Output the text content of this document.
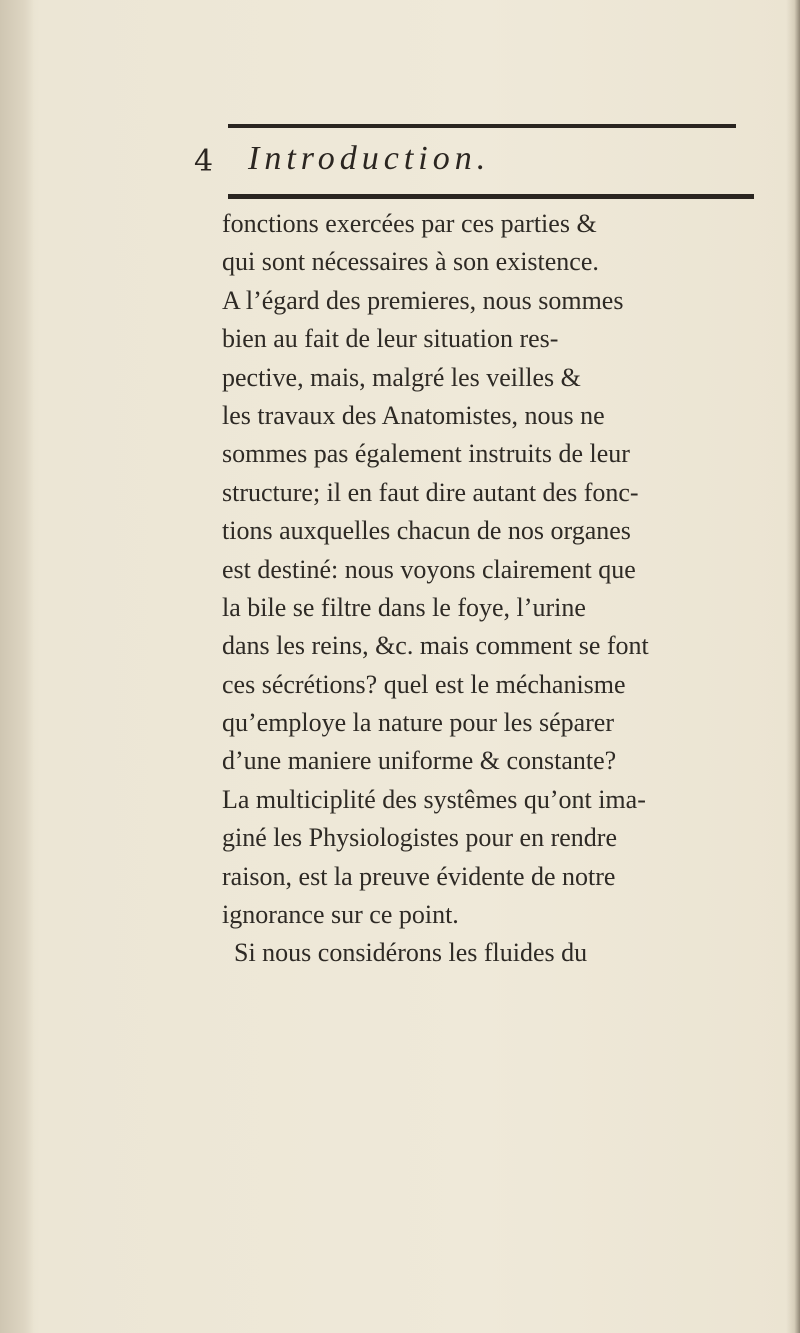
4 Introduction.
fonctions exercées par ces parties &
qui sont nécessaires à son existence.
A l’égard des premieres, nous sommes
bien au fait de leur situation res-
pective, mais, malgré les veilles &
les travaux des Anatomistes, nous ne
sommes pas également instruits de leur
structure; il en faut dire autant des fonc-
tions auxquelles chacun de nos organes
est destiné: nous voyons clairement que
la bile se filtre dans le foye, l’urine
dans les reins, &c. mais comment se font
ces sécrétions? quel est le méchanisme
qu’employe la nature pour les séparer
d’une maniere uniforme & constante?
La multiciplité des systêmes qu’ont ima-
giné les Physiologistes pour en rendre
raison, est la preuve évidente de notre
ignorance sur ce point.
Si nous considérons les fluides du
